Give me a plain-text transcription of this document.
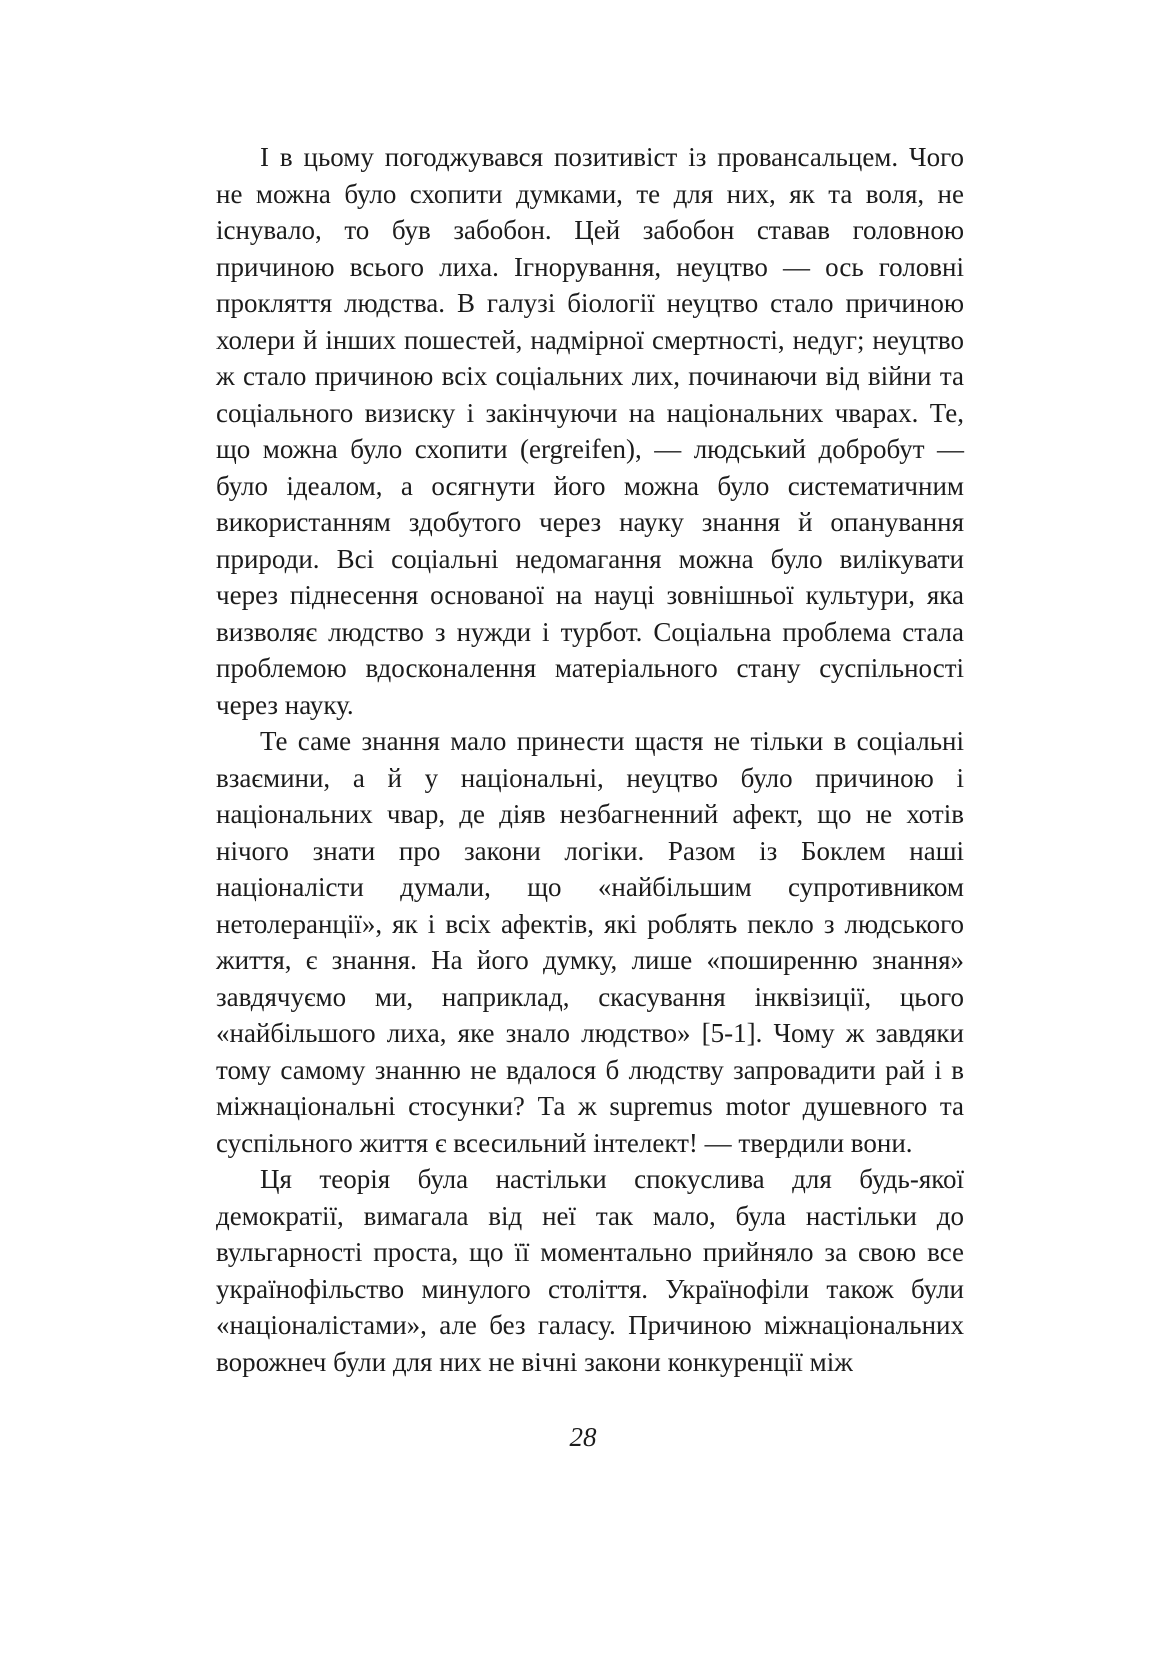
І в цьому погоджувався позитивіст із провансальцем. Чого не можна було схопити думками, те для них, як та воля, не існувало, то був забобон. Цей забобон ставав головною причиною всього лиха. Ігнорування, неуцтво — ось головні прокляття людства. В галузі біології неуцтво стало причиною холери й інших пошестей, надмірної смертності, недуг; неуцтво ж стало причиною всіх соціальних лих, починаючи від війни та соціального визиску і закінчуючи на національних чварах. Те, що можна було схопити (ergreifen), — людський добробут — було ідеалом, а осягнути його можна було систематичним використанням здобутого через науку знання й опанування природи. Всі соціальні недомагання можна було вилікувати через піднесення основаної на науці зовнішньої культури, яка визволяє людство з нужди і турбот. Соціальна проблема стала проблемою вдосконалення матеріального стану суспільності через науку.

Те саме знання мало принести щастя не тільки в соціальні взаємини, а й у національні, неуцтво було причиною і національних чвар, де діяв незбагненний афект, що не хотів нічого знати про закони логіки. Разом із Боклем наші націоналісти думали, що «найбільшим супротивником нетолеранції», як і всіх афектів, які роблять пекло з людського життя, є знання. На його думку, лише «поширенню знання» завдячуємо ми, наприклад, скасування інквізиції, цього «найбільшого лиха, яке знало людство» [5-1]. Чому ж завдяки тому самому знанню не вдалося б людству запровадити рай і в міжнаціональні стосунки? Та ж supremus motor душевного та суспільного життя є всесильний інтелект! — твердили вони.

Ця теорія була настільки спокуслива для будь-якої демократії, вимагала від неї так мало, була настільки до вульгарності проста, що її моментально прийняло за свою все українофільство минулого століття. Українофіли також були «націоналістами», але без галасу. Причиною міжнаціональних ворожнеч були для них не вічні закони конкуренції між

28
